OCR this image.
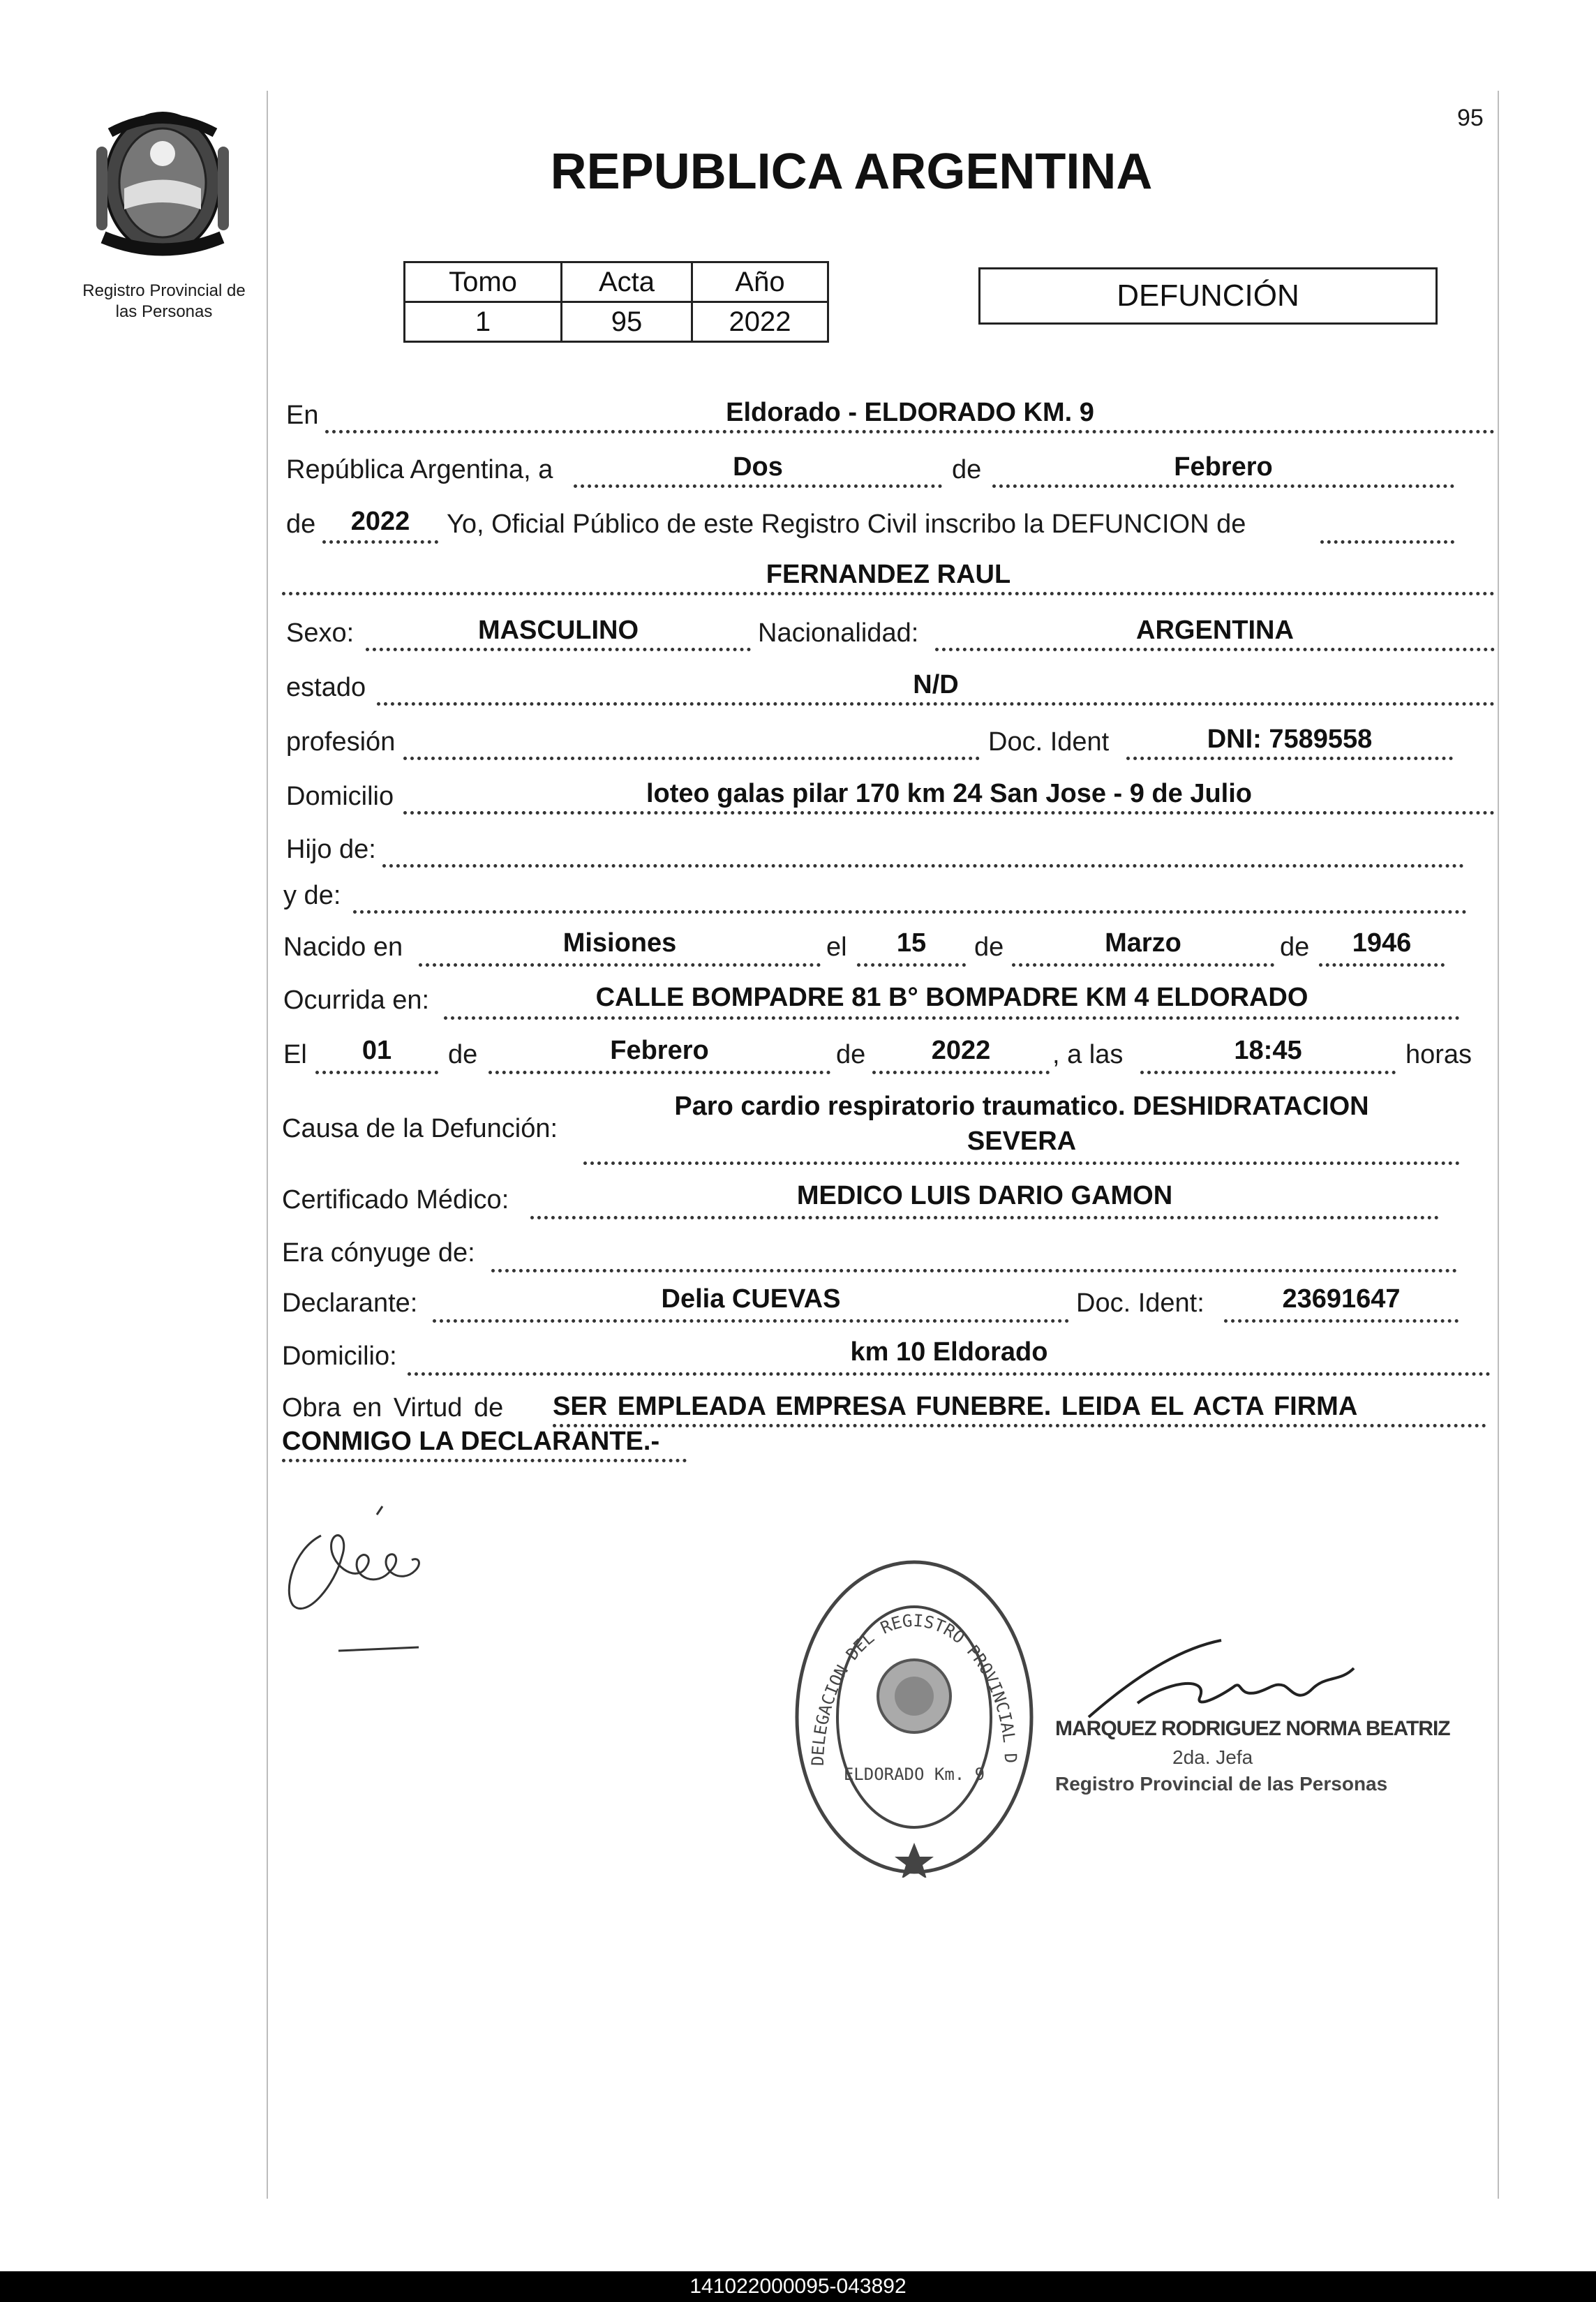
Registro Provincial de
las Personas
95
REPUBLICA ARGENTINA
Tomo	Acta	Año
1	95	2022
DEFUNCIÓN
En	Eldorado - ELDORADO KM. 9
República Argentina, a	Dos	de	Febrero
de	2022	Yo, Oficial Público de este Registro Civil inscribo la DEFUNCION de
FERNANDEZ RAUL
Sexo:	MASCULINO	Nacionalidad:	ARGENTINA
estado	N/D
profesión	Doc. Ident	DNI: 7589558
Domicilio	loteo galas pilar 170 km 24 San Jose - 9 de Julio
Hijo de:
y de:
Nacido en	Misiones	el	15	de	Marzo	de	1946
Ocurrida en:	CALLE BOMPADRE 81 B° BOMPADRE KM 4 ELDORADO
El	01	de	Febrero	de	2022	, a las	18:45	horas
Causa de la Defunción:
Paro cardio respiratorio traumatico. DESHIDRATACION
SEVERA
Certificado Médico:	MEDICO LUIS DARIO GAMON
Era cónyuge de:
Declarante:	Delia CUEVAS	Doc. Ident:	23691647
Domicilio:	km 10 Eldorado
Obra en Virtud de SER EMPLEADA EMPRESA FUNEBRE. LEIDA EL ACTA FIRMA
CONMIGO LA DECLARANTE.-
DELEGACION DEL REGISTRO PROVINCIAL D
ELDORADO Km. 9
MARQUEZ RODRIGUEZ NORMA BEATRIZ
2da. Jefa
Registro Provincial de las Personas
141022000095-043892
